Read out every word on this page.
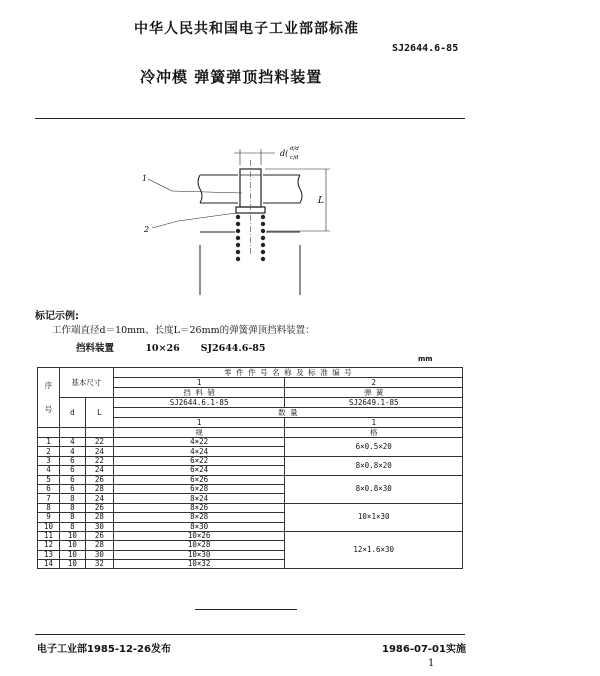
中华人民共和国电子工业部部标准
SJ2644.6-85
冷冲模 弹簧弹顶挡料装置
d( d/d
c/d
L
1
2
标记示例:
工作端直径d＝10mm、长度L＝26mm的弹簧弹顶挡料装置：
挡料装置	10×26 SJ2644.6-85
mm
序

号	基本尺寸		零 件 件 号 名 称 及 标 准 编 号	
			1	2
			挡 料 销	弹 簧
	d	L	SJ2644.6.1-85	SJ2649.1-85
			数 量	
			1	1
			规	格
1	4	22	4×22	6×0.5×20
2	4	24	4×24	
3	6	22	6×22	8×0.8×20
4	6	24	6×24	
5	6	26	6×26	8×0.8×30
6	6	28	6×28	
7	8	24	8×24	
8	8	26	8×26	10×1×30
9	8	28	8×28	
10	8	30	8×30	
11	10	26	10×26	12×1.6×30
12	10	28	10×28	
13	10	30	10×30	
14	10	32	10×32	
电子工业部1985-12-26发布	1986-07-01实施
1
